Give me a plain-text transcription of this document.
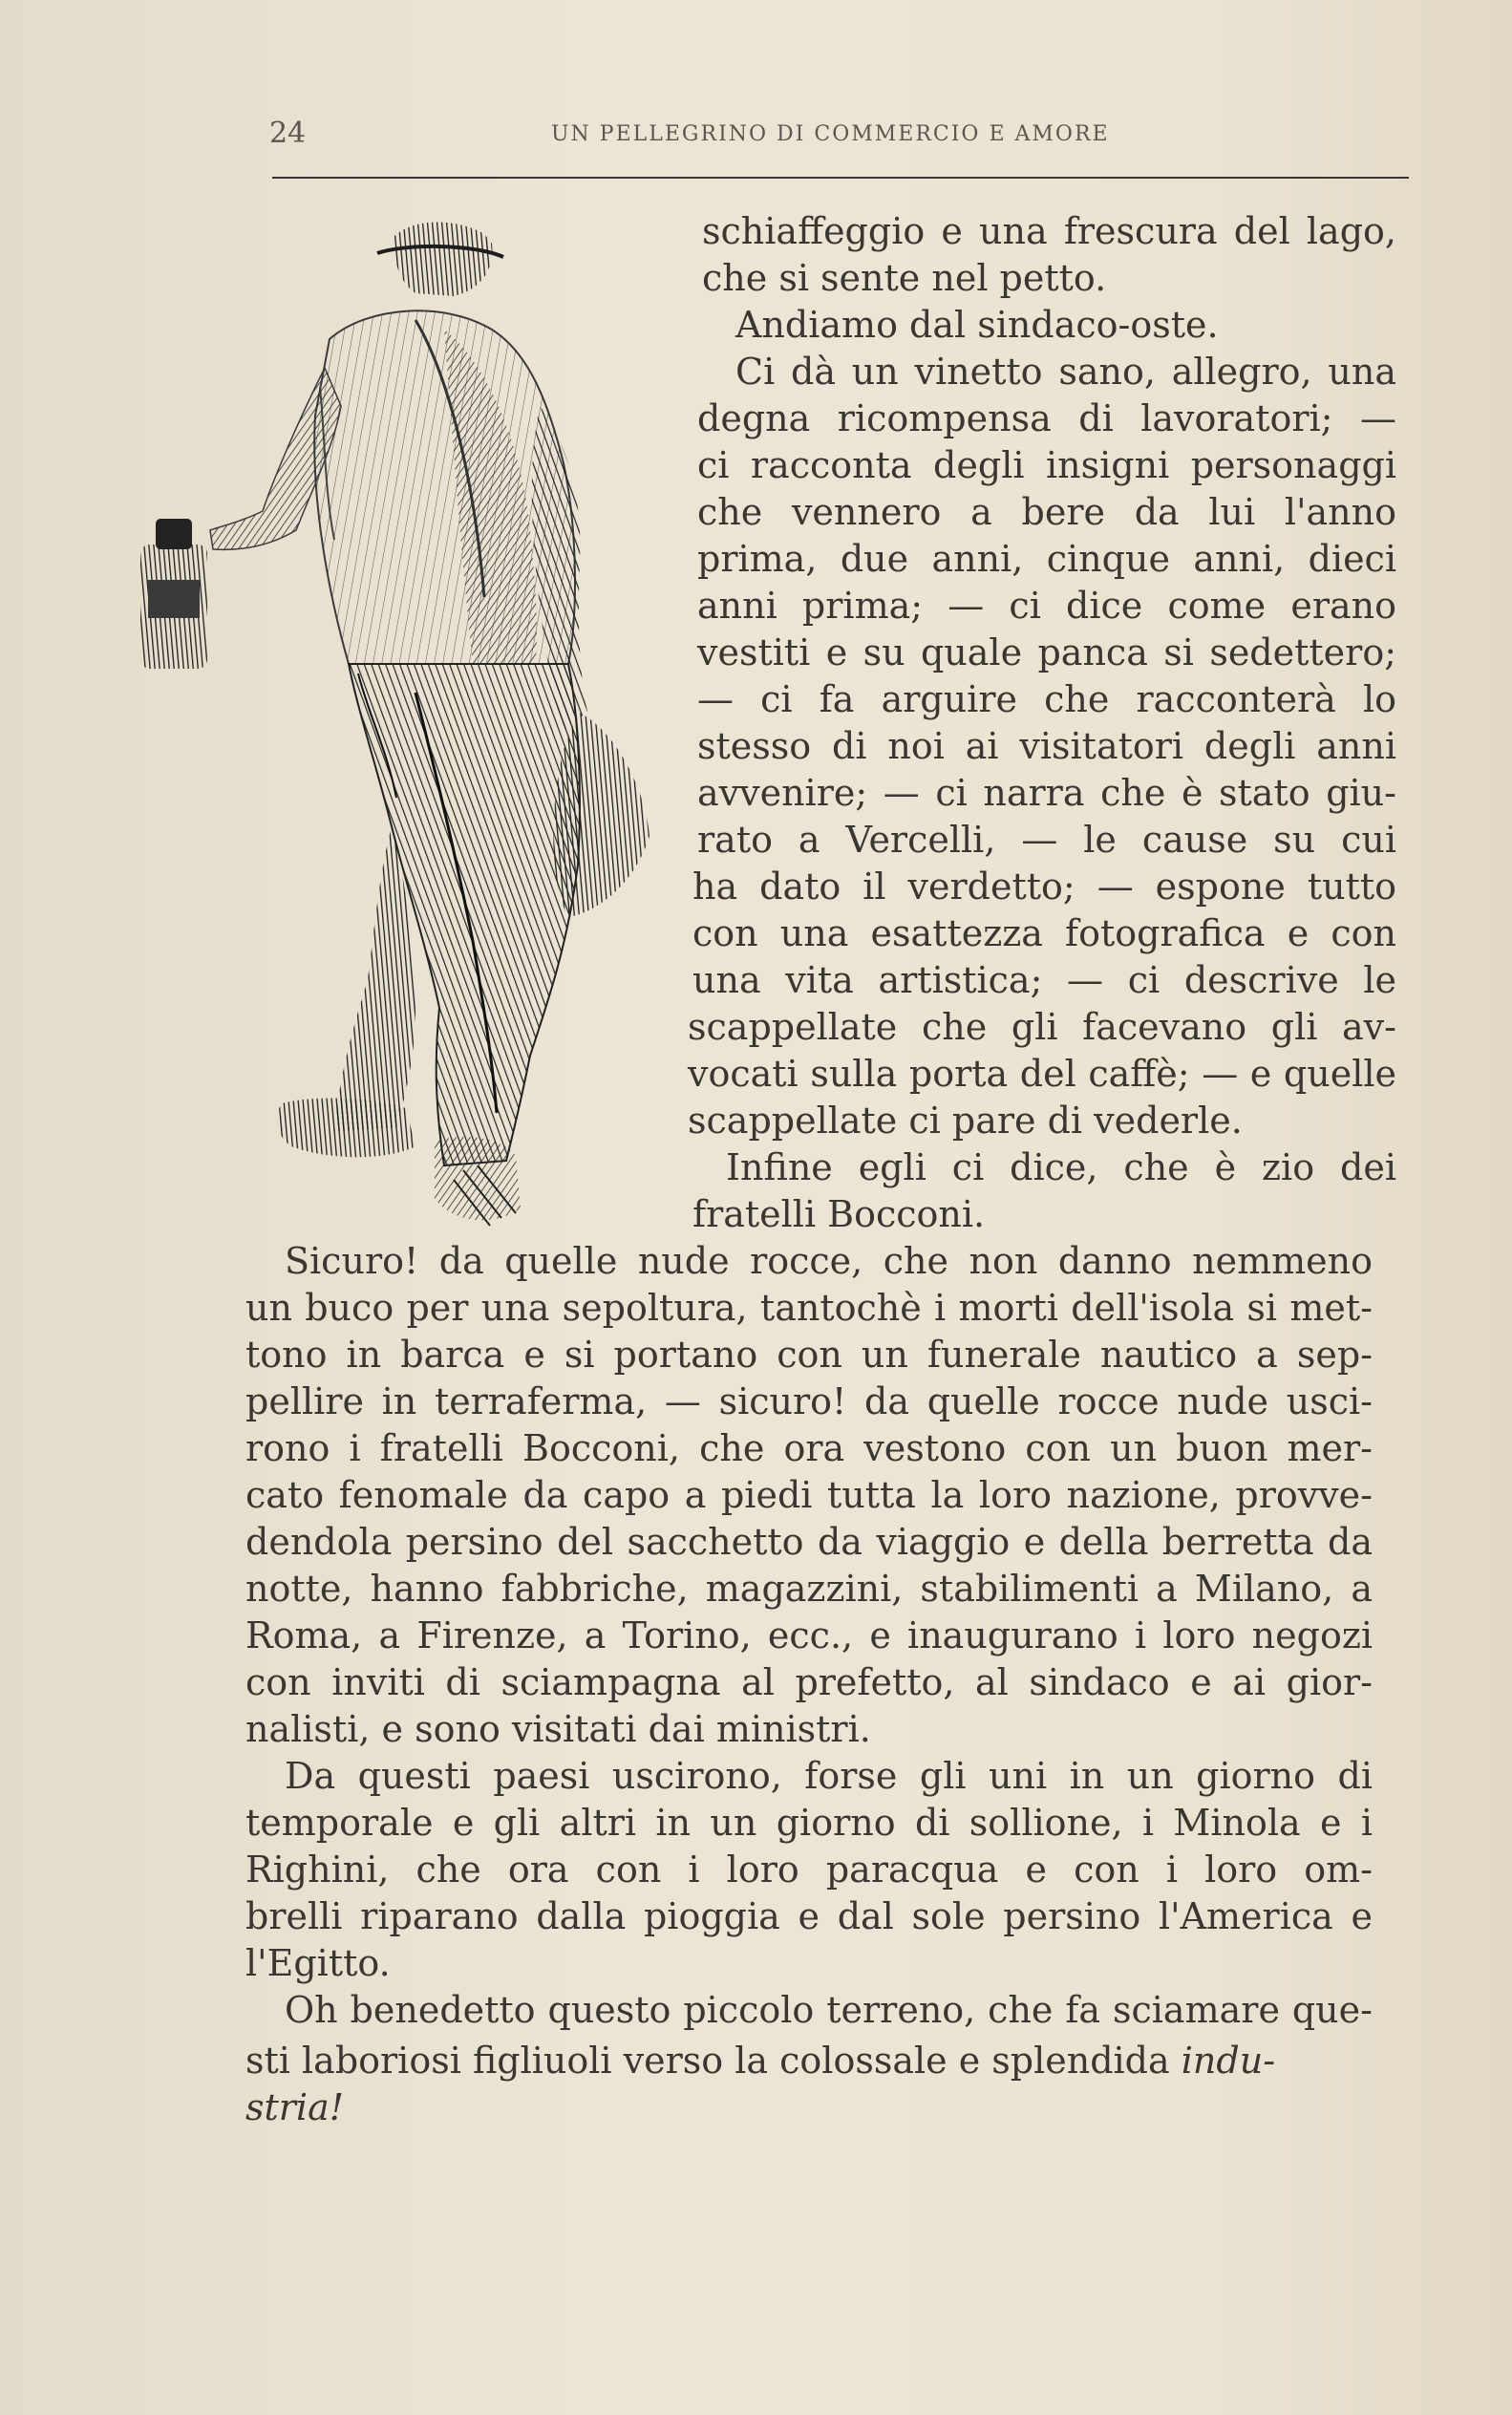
24	UN PELLEGRINO DI COMMERCIO E AMORE
schiaffeggio e una frescura del lago,
che si sente nel petto.
Andiamo dal sindaco-oste.
Ci dà un vinetto sano, allegro, una
degna ricompensa di lavoratori; —
ci racconta degli insigni personaggi
che vennero a bere da lui l'anno
prima, due anni, cinque anni, dieci
anni prima; — ci dice come erano
vestiti e su quale panca si sedettero;
— ci fa arguire che racconterà lo
stesso di noi ai visitatori degli anni
avvenire; — ci narra che è stato giu-
rato a Vercelli, — le cause su cui
ha dato il verdetto; — espone tutto
con una esattezza fotografica e con
una vita artistica; — ci descrive le
scappellate che gli facevano gli av-
vocati sulla porta del caffè; — e quelle
scappellate ci pare di vederle.
Infine egli ci dice, che è zio dei
fratelli Bocconi.
Sicuro! da quelle nude rocce, che non danno nemmeno
un buco per una sepoltura, tantochè i morti dell'isola si met-
tono in barca e si portano con un funerale nautico a sep-
pellire in terraferma, — sicuro! da quelle rocce nude usci-
rono i fratelli Bocconi, che ora vestono con un buon mer-
cato fenomale da capo a piedi tutta la loro nazione, provve-
dendola persino del sacchetto da viaggio e della berretta da
notte, hanno fabbriche, magazzini, stabilimenti a Milano, a
Roma, a Firenze, a Torino, ecc., e inaugurano i loro negozi
con inviti di sciampagna al prefetto, al sindaco e ai gior-
nalisti, e sono visitati dai ministri.
Da questi paesi uscirono, forse gli uni in un giorno di
temporale e gli altri in un giorno di sollione, i Minola e i
Righini, che ora con i loro paracqua e con i loro om-
brelli riparano dalla pioggia e dal sole persino l'America e
l'Egitto.
Oh benedetto questo piccolo terreno, che fa sciamare que-
sti laboriosi figliuoli verso la colossale e splendida indu-
stria!
